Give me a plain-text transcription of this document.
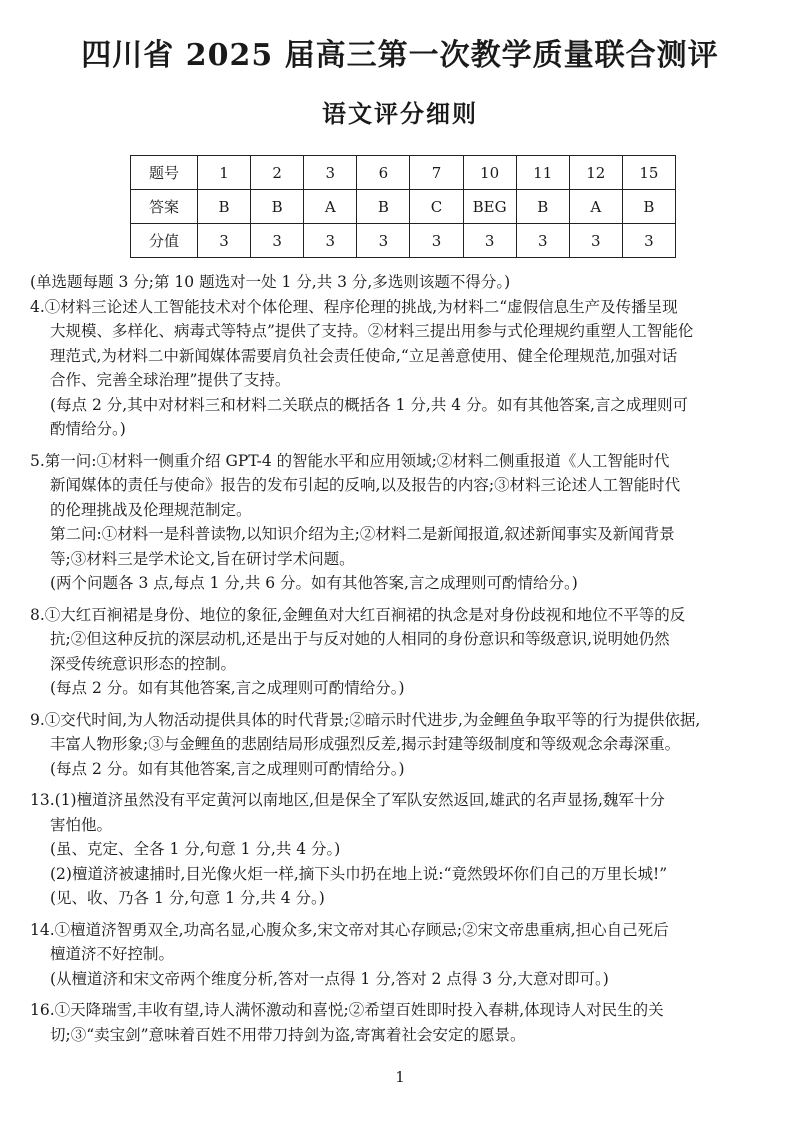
四川省 2025 届高三第一次教学质量联合测评
语文评分细则
题号	1	2	3	6	7	10	11	12	15
答案	B	B	A	B	C	BEG	B	A	B
分值	3	3	3	3	3	3	3	3	3
(单选题每题 3 分;第 10 题选对一处 1 分,共 3 分,多选则该题不得分。)
4.①材料三论述人工智能技术对个体伦理、程序伦理的挑战,为材料二“虚假信息生产及传播呈现
大规模、多样化、病毒式等特点”提供了支持。②材料三提出用参与式伦理规约重塑人工智能伦
理范式,为材料二中新闻媒体需要肩负社会责任使命,“立足善意使用、健全伦理规范,加强对话
合作、完善全球治理”提供了支持。
(每点 2 分,其中对材料三和材料二关联点的概括各 1 分,共 4 分。如有其他答案,言之成理则可
酌情给分。)
5.第一问:①材料一侧重介绍 GPT-4 的智能水平和应用领域;②材料二侧重报道《人工智能时代
新闻媒体的责任与使命》报告的发布引起的反响,以及报告的内容;③材料三论述人工智能时代
的伦理挑战及伦理规范制定。
第二问:①材料一是科普读物,以知识介绍为主;②材料二是新闻报道,叙述新闻事实及新闻背景
等;③材料三是学术论文,旨在研讨学术问题。
(两个问题各 3 点,每点 1 分,共 6 分。如有其他答案,言之成理则可酌情给分。)
8.①大红百裥裙是身份、地位的象征,金鲤鱼对大红百裥裙的执念是对身份歧视和地位不平等的反
抗;②但这种反抗的深层动机,还是出于与反对她的人相同的身份意识和等级意识,说明她仍然
深受传统意识形态的控制。
(每点 2 分。如有其他答案,言之成理则可酌情给分。)
9.①交代时间,为人物活动提供具体的时代背景;②暗示时代进步,为金鲤鱼争取平等的行为提供依据,
丰富人物形象;③与金鲤鱼的悲剧结局形成强烈反差,揭示封建等级制度和等级观念余毒深重。
(每点 2 分。如有其他答案,言之成理则可酌情给分。)
13.(1)檀道济虽然没有平定黄河以南地区,但是保全了军队安然返回,雄武的名声显扬,魏军十分
害怕他。
(虽、克定、全各 1 分,句意 1 分,共 4 分。)
(2)檀道济被逮捕时,目光像火炬一样,摘下头巾扔在地上说:“竟然毁坏你们自己的万里长城!”
(见、收、乃各 1 分,句意 1 分,共 4 分。)
14.①檀道济智勇双全,功高名显,心腹众多,宋文帝对其心存顾忌;②宋文帝患重病,担心自己死后
檀道济不好控制。
(从檀道济和宋文帝两个维度分析,答对一点得 1 分,答对 2 点得 3 分,大意对即可。)
16.①天降瑞雪,丰收有望,诗人满怀激动和喜悦;②希望百姓即时投入春耕,体现诗人对民生的关
切;③“卖宝剑”意味着百姓不用带刀持剑为盗,寄寓着社会安定的愿景。
1
